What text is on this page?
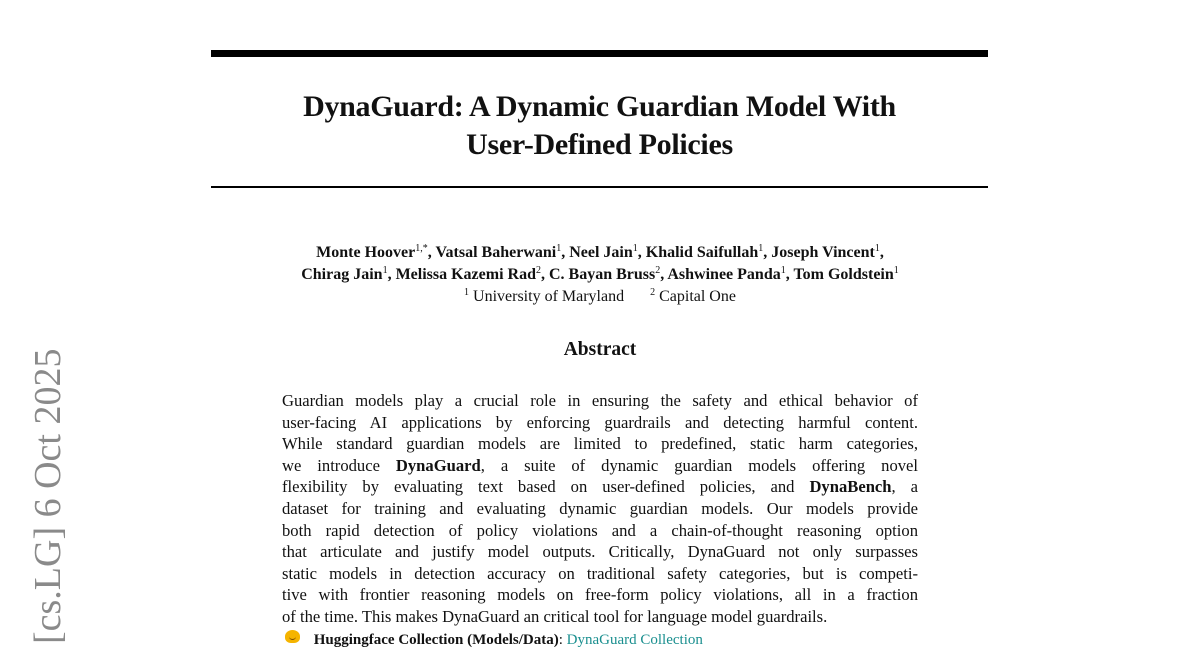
DynaGuard: A Dynamic Guardian Model With
User-Defined Policies
Monte Hoover$^{1,*}$, Vatsal Baherwani$^1$, Neel Jain$^1$, Khalid Saifullah$^1$, Joseph Vincent$^1$,
Chirag Jain$^1$, Melissa Kazemi Rad$^2$, C. Bayan Bruss$^2$, Ashwinee Panda$^1$, Tom Goldstein$^1$
$^1$ University of Maryland	$^2$ Capital One
Abstract
Guardian models play a crucial role in ensuring the safety and ethical behavior of
user-facing AI applications by enforcing guardrails and detecting harmful content.
While standard guardian models are limited to predefined, static harm categories,
we introduce DynaGuard, a suite of dynamic guardian models offering novel
flexibility by evaluating text based on user-defined policies, and DynaBench, a
dataset for training and evaluating dynamic guardian models. Our models provide
both rapid detection of policy violations and a chain-of-thought reasoning option
that articulate and justify model outputs. Critically, DynaGuard not only surpasses
static models in detection accuracy on traditional safety categories, but is competi-
tive with frontier reasoning models on free-form policy violations, all in a fraction
of the time. This makes DynaGuard an critical tool for language model guardrails.
Huggingface Collection (Models/Data): DynaGuard Collection
[cs.LG] 6 Oct 2025
